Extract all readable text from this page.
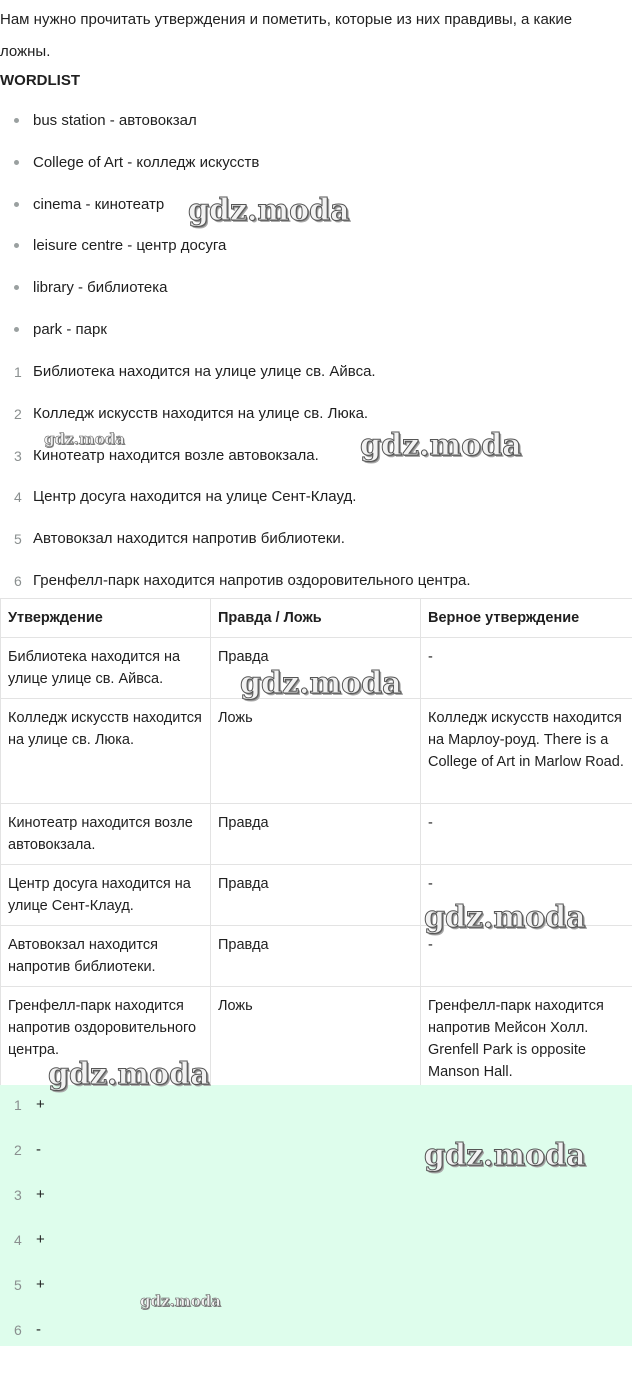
Нам нужно прочитать утверждения и пометить, которые из них правдивы, а какие ложны.

WORDLIST
bus station - автовокзал
College of Art - колледж искусств
cinema - кинотеатр
leisure centre - центр досуга
library - библиотека
park - парк
1 Библиотека находится на улице улице св. Айвса.
2 Колледж искусств находится на улице св. Люка.
3 Кинотеатр находится возле автовокзала.
4 Центр досуга находится на улице Сент-Клауд.
5 Автовокзал находится напротив библиотеки.
6 Гренфелл-парк находится напротив оздоровительного центра.
Утверждение	Правда / Ложь	Верное утверждение
Библиотека находится на улице улице св. Айвса.	Правда	-
Колледж искусств находится на улице св. Люка.	Ложь	Колледж искусств находится на Марлоу-роуд. There is a College of Art in Marlow Road.
Кинотеатр находится возле автовокзала.	Правда	-
Центр досуга находится на улице Сент-Клауд.	Правда	-
Автовокзал находится напротив библиотеки.	Правда	-
Гренфелл-парк находится напротив оздоровительного центра.	Ложь	Гренфелл-парк находится напротив Мейсон Холл. Grenfell Park is opposite Manson Hall.
1 +
2 -
3 +
4 +
5 +
6 -
gdz.moda
gdz.moda	gdz.moda
gdz.moda
gdz.moda
gdz.moda
gdz.moda
gdz.moda
